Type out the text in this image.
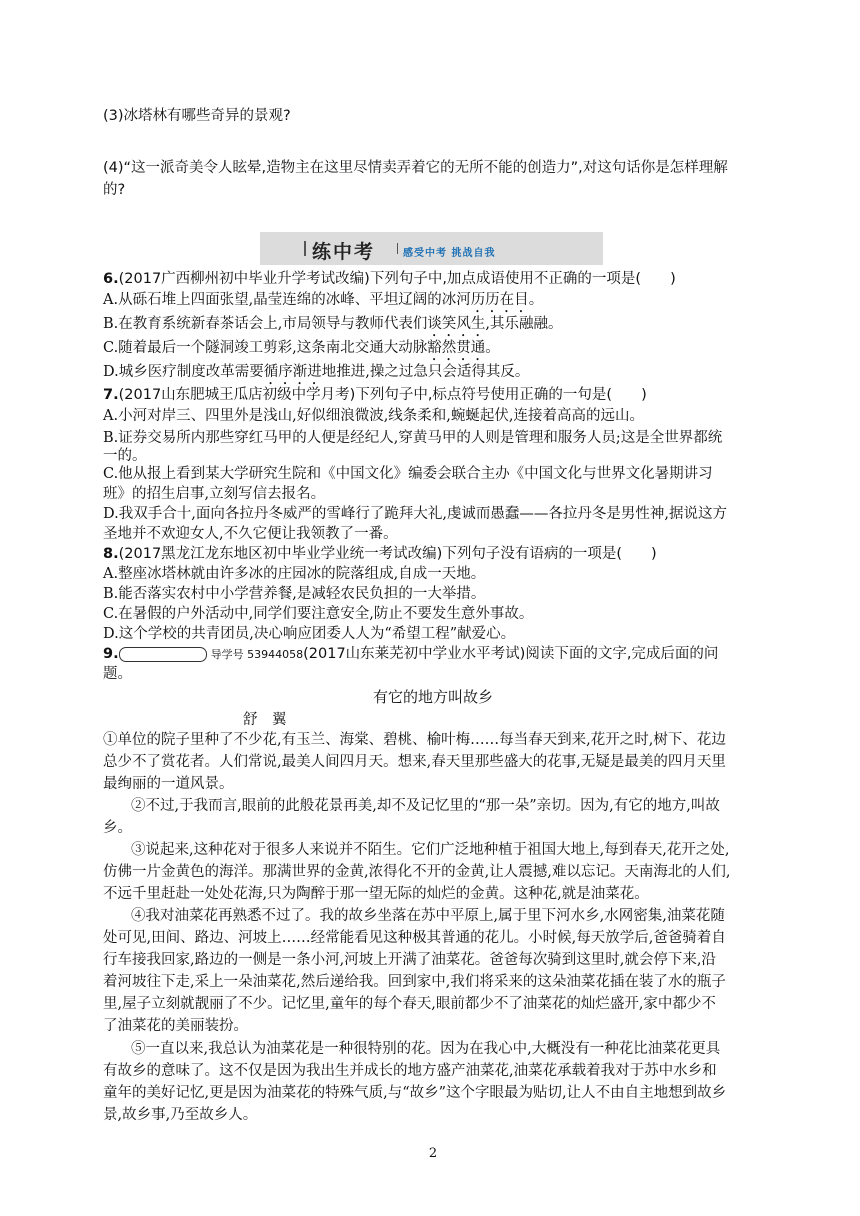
(3)冰塔林有哪些奇异的景观?
(4)“这一派奇美令人眩晕,造物主在这里尽情卖弄着它的无所不能的创造力”,对这句话你是怎样理解
的?
练中考	感受中考 挑战自我
6.(2017广西柳州初中毕业升学考试改编)下列句子中,加点成语使用不正确的一项是(　　)
A.从砾石堆上四面张望,晶莹连绵的冰峰、平坦辽阔的冰河历历在目。
B.在教育系统新春茶话会上,市局领导与教师代表们谈笑风生,其乐融融。
C.随着最后一个隧洞竣工剪彩,这条南北交通大动脉豁然贯通。
D.城乡医疗制度改革需要循序渐进地推进,操之过急只会适得其反。
7.(2017山东肥城王瓜店初级中学月考)下列句子中,标点符号使用正确的一句是(　　)
A.小河对岸三、四里外是浅山,好似细浪微波,线条柔和,蜿蜒起伏,连接着高高的远山。
B.证券交易所内那些穿红马甲的人便是经纪人,穿黄马甲的人则是管理和服务人员;这是全世界都统
一的。
C.他从报上看到某大学研究生院和《中国文化》编委会联合主办《中国文化与世界文化暑期讲习
班》的招生启事,立刻写信去报名。
D.我双手合十,面向各拉丹冬威严的雪峰行了跪拜大礼,虔诚而愚蠢——各拉丹冬是男性神,据说这方
圣地并不欢迎女人,不久它便让我领教了一番。
8.(2017黑龙江龙东地区初中毕业学业统一考试改编)下列句子没有语病的一项是(　　)
A.整座冰塔林就由许多冰的庄园冰的院落组成,自成一天地。
B.能否落实农村中小学营养餐,是减轻农民负担的一大举措。
C.在暑假的户外活动中,同学们要注意安全,防止不要发生意外事故。
D.这个学校的共青团员,决心响应团委人人为“希望工程”献爱心。
9.	导学号 53944058(2017山东莱芜初中学业水平考试)阅读下面的文字,完成后面的问
题。
有它的地方叫故乡
舒　翼
①单位的院子里种了不少花,有玉兰、海棠、碧桃、榆叶梅……每当春天到来,花开之时,树下、花边
总少不了赏花者。人们常说,最美人间四月天。想来,春天里那些盛大的花事,无疑是最美的四月天里
最绚丽的一道风景。
②不过,于我而言,眼前的此般花景再美,却不及记忆里的“那一朵”亲切。因为,有它的地方,叫故
乡。
③说起来,这种花对于很多人来说并不陌生。它们广泛地种植于祖国大地上,每到春天,花开之处,
仿佛一片金黄色的海洋。那满世界的金黄,浓得化不开的金黄,让人震撼,难以忘记。天南海北的人们,
不远千里赶赴一处处花海,只为陶醉于那一望无际的灿烂的金黄。这种花,就是油菜花。
④我对油菜花再熟悉不过了。我的故乡坐落在苏中平原上,属于里下河水乡,水网密集,油菜花随
处可见,田间、路边、河坡上……经常能看见这种极其普通的花儿。小时候,每天放学后,爸爸骑着自
行车接我回家,路边的一侧是一条小河,河坡上开满了油菜花。爸爸每次骑到这里时,就会停下来,沿
着河坡往下走,采上一朵油菜花,然后递给我。回到家中,我们将采来的这朵油菜花插在装了水的瓶子
里,屋子立刻就靓丽了不少。记忆里,童年的每个春天,眼前都少不了油菜花的灿烂盛开,家中都少不
了油菜花的美丽装扮。
⑤一直以来,我总认为油菜花是一种很特别的花。因为在我心中,大概没有一种花比油菜花更具
有故乡的意味了。这不仅是因为我出生并成长的地方盛产油菜花,油菜花承载着我对于苏中水乡和
童年的美好记忆,更是因为油菜花的特殊气质,与“故乡”这个字眼最为贴切,让人不由自主地想到故乡
景,故乡事,乃至故乡人。
2
